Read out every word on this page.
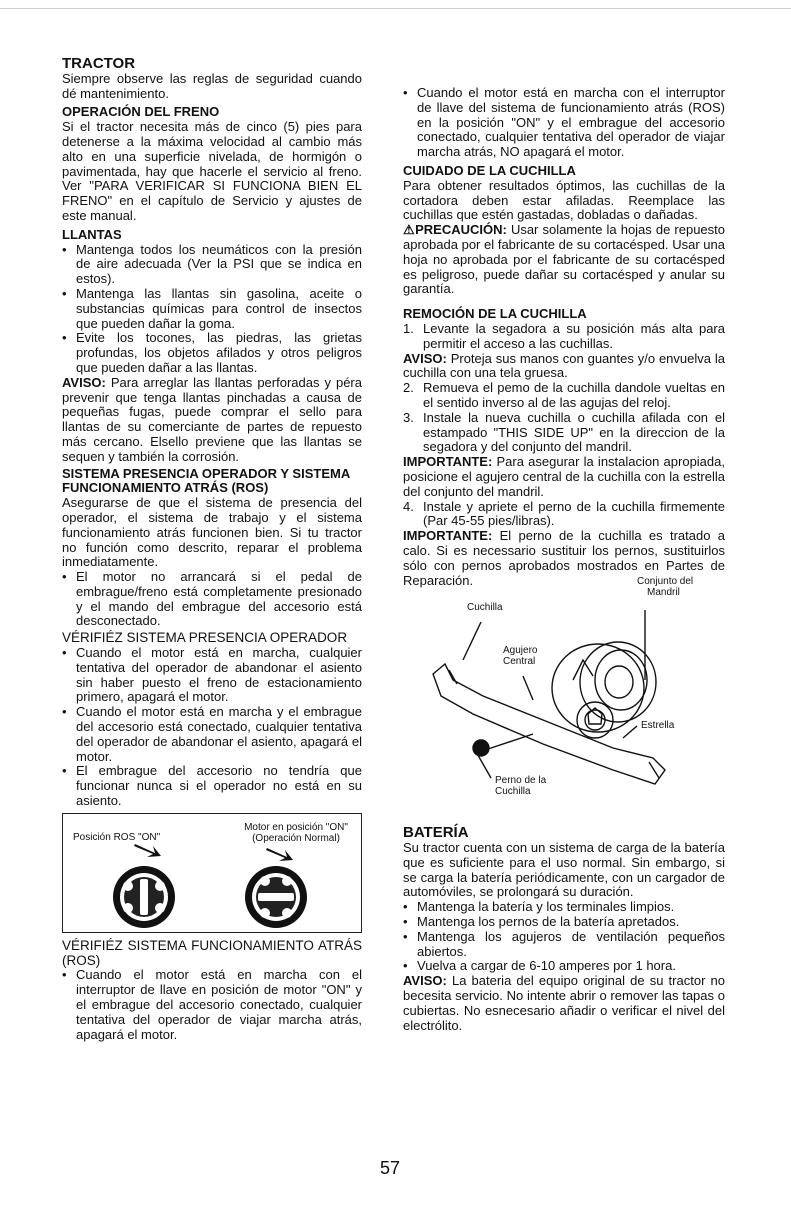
TRACTOR

Siempre observe las reglas de seguridad cuando dé mantenimiento.

OPERACIÓN DEL FRENO

Si el tractor necesita más de cinco (5) pies para detenerse a la máxima velocidad al cambio más alto en una superficie nivelada, de hormigón o pavimentada, hay que hacerle el servicio al freno. Ver "PARA VERIFICAR SI FUNCIONA BIEN EL FRENO" en el capítulo de Servicio y ajustes de este manual.

LLANTAS

• Mantenga todos los neumáticos con la presión de aire adecuada (Ver la PSI que se indica en estos).
• Mantenga las llantas sin gasolina, aceite o substancias químicas para control de insectos que pueden dañar la goma.
• Evite los tocones, las piedras, las grietas profundas, los objetos afilados y otros peligros que pueden dañar a las llantas.

AVISO: Para arreglar las llantas perforadas y péra prevenir que tenga llantas pinchadas a causa de pequeñas fugas, puede comprar el sello para llantas de su comerciante de partes de repuesto más cercano. Elsello previene que las llantas se sequen y también la corrosión.

SISTEMA PRESENCIA OPERADOR Y SISTEMA FUNCIONAMIENTO ATRÁS (ROS)

Asegurarse de que el sistema de presencia del operador, el sistema de trabajo y el sistema funcionamiento atrás funcionen bien. Si tu tractor no función como descrito, reparar el problema inmediatamente.

• El motor no arrancará si el pedal de embrague/freno está completamente presionado y el mando del embrague del accesorio está desconectado.

VÉRIFIÉZ SISTEMA PRESENCIA OPERADOR

• Cuando el motor está en marcha, cualquier tentativa del operador de abandonar el asiento sin haber puesto el freno de estacionamiento primero, apagará el motor.
• Cuando el motor está en marcha y el embrague del accesorio está conectado, cualquier tentativa del operador de abandonar el asiento, apagará el motor.
• El embrague del accesorio no tendría que funcionar nunca si el operador no está en su asiento.
Posición ROS "ON"
Motor en posición "ON"
(Operación Normal)

VÉRIFIÉZ SISTEMA FUNCIONAMIENTO ATRÁS (ROS)

• Cuando el motor está en marcha con el interruptor de llave en posición de motor "ON" y el embrague del accesorio conectado, cualquier tentativa del operador de viajar marcha atrás, apagará el motor.
• Cuando el motor está en marcha con el interruptor de llave del sistema de funcionamiento atrás (ROS) en la posición "ON" y el embrague del accesorio conectado, cualquier tentativa del operador de viajar marcha atrás, NO apagará el motor.

CUIDADO DE LA CUCHILLA

Para obtener resultados óptimos, las cuchillas de la cortadora deben estar afiladas. Reemplace las cuchillas que estén gastadas, dobladas o dañadas.

⚠PRECAUCIÓN: Usar solamente la hojas de repuesto aprobada por el fabricante de su cortacésped. Usar una hoja no aprobada por el fabricante de su cortacésped es peligroso, puede dañar su cortacésped y anular su garantía.

REMOCIÓN DE LA CUCHILLA

1. Levante la segadora a su posición más alta para permitir el acceso a las cuchillas.

AVISO: Proteja sus manos con guantes y/o envuelva la cuchilla con una tela gruesa.

2. Remueva el pemo de la cuchilla dandole vueltas en el sentido inverso al de las agujas del reloj.
3. Instale la nueva cuchilla o cuchilla afilada con el estampado "THIS SIDE UP" en la direccion de la segadora y del conjunto del mandril.

IMPORTANTE: Para asegurar la instalacion apropiada, posicione el agujero central de la cuchilla con la estrella del conjunto del mandril.

4. Instale y apriete el perno de la cuchilla firmemente (Par 45-55 pies/libras).

IMPORTANTE: El perno de la cuchilla es tratado a calo. Si es necessario sustituir los pernos, sustituirlos sólo con pernos aprobados mostrados en Partes de Reparación.	Conjunto del
Mandril
Cuchilla
Agujero
Central
Estrella
Perno de la
Cuchilla

BATERÍA

Su tractor cuenta con un sistema de carga de la batería que es suficiente para el uso normal. Sin embargo, si se carga la batería periódicamente, con un cargador de automóviles, se prolongará su duración.

• Mantenga la batería y los terminales limpios.
• Mantenga los pernos de la batería apretados.
• Mantenga los agujeros de ventilación pequeños abiertos.
• Vuelva a cargar de 6-10 amperes por 1 hora.

AVISO: La bateria del equipo original de su tractor no becesita servicio. No intente abrir o remover las tapas o cubiertas. No esnecesario añadir o verificar el nivel del electrólito.

57
